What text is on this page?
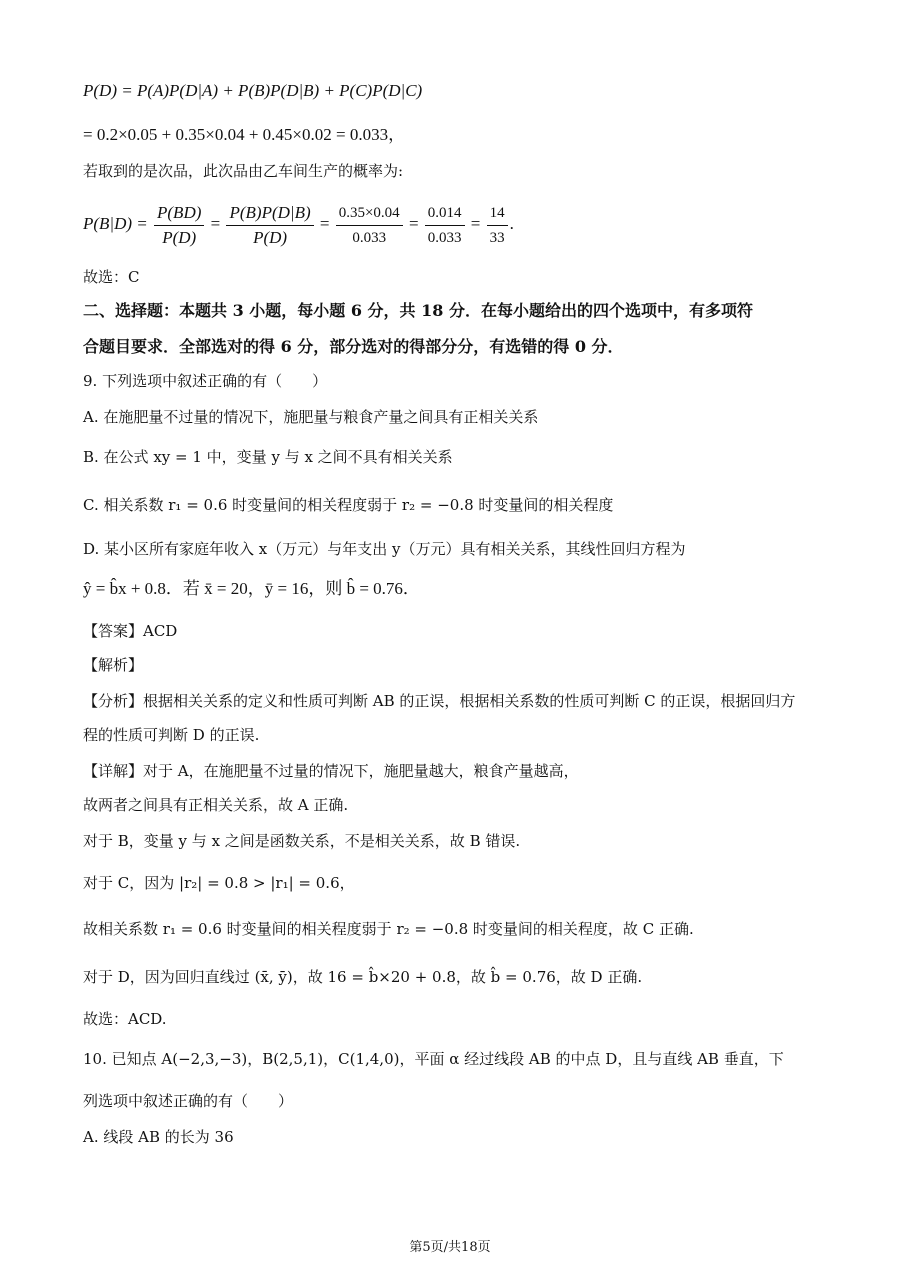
P(D) = P(A)P(D|A) + P(B)P(D|B) + P(C)P(D|C)
= 0.2×0.05 + 0.35×0.04 + 0.45×0.02 = 0.033，
若取到的是次品，此次品由乙车间生产的概率为:
$P(B|D) = \frac{P(BD)}{P(D)} = \frac{P(B)P(D|B)}{P(D)} = \frac{0.35\times 0.04}{0.033} = \frac{0.014}{0.033} = \frac{14}{33}$ .
故选：C
二、选择题：本题共 3 小题，每小题 6 分，共 18 分．在每小题给出的四个选项中，有多项符
合题目要求．全部选对的得 6 分，部分选对的得部分分，有选错的得 0 分．
9. 下列选项中叙述正确的有（　　）
A. 在施肥量不过量的情况下，施肥量与粮食产量之间具有正相关关系
B. 在公式 xy = 1 中，变量 y 与 x 之间不具有相关关系
C. 相关系数 r₁ = 0.6 时变量间的相关程度弱于 r₂ = −0.8 时变量间的相关程度
D. 某小区所有家庭年收入 x（万元）与年支出 y（万元）具有相关关系，其线性回归方程为
ŷ = b̂x + 0.8．若 x̄ = 20，ȳ = 16，则 b̂ = 0.76．
【答案】ACD
【解析】
【分析】根据相关关系的定义和性质可判断 AB 的正误，根据相关系数的性质可判断 C 的正误，根据回归方
程的性质可判断 D 的正误.
【详解】对于 A，在施肥量不过量的情况下，施肥量越大，粮食产量越高，
故两者之间具有正相关关系，故 A 正确.
对于 B，变量 y 与 x 之间是函数关系，不是相关关系，故 B 错误.
对于 C，因为 |r₂| = 0.8 > |r₁| = 0.6，
故相关系数 r₁ = 0.6 时变量间的相关程度弱于 r₂ = −0.8 时变量间的相关程度，故 C 正确.
对于 D，因为回归直线过 (x̄, ȳ)，故 16 = b̂×20 + 0.8，故 b̂ = 0.76，故 D 正确.
故选：ACD.
10. 已知点 A(−2,3,−3)，B(2,5,1)，C(1,4,0)，平面 α 经过线段 AB 的中点 D，且与直线 AB 垂直，下
列选项中叙述正确的有（　　）
A. 线段 AB 的长为 36
第5页/共18页
